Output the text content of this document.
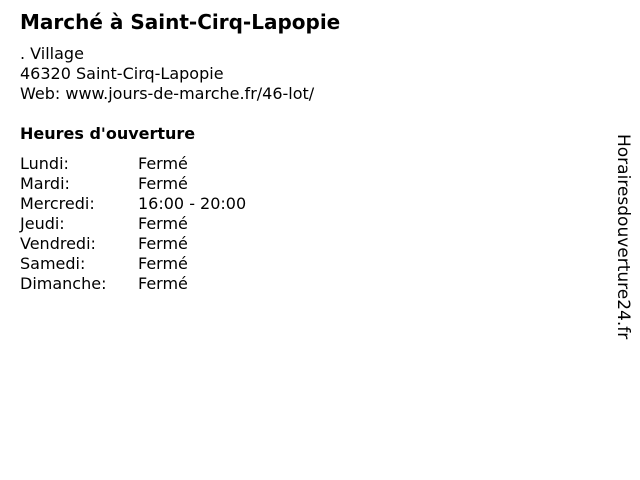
Marché à Saint-Cirq-Lapopie
. Village
46320 Saint-Cirq-Lapopie
Web: www.jours-de-marche.fr/46-lot/
Heures d'ouverture
Lundi:	Fermé
Mardi:	Fermé
Mercredi:	16:00 - 20:00
Jeudi:	Fermé
Vendredi:	Fermé
Samedi:	Fermé
Dimanche:	Fermé	Horairesdouverture24.fr
